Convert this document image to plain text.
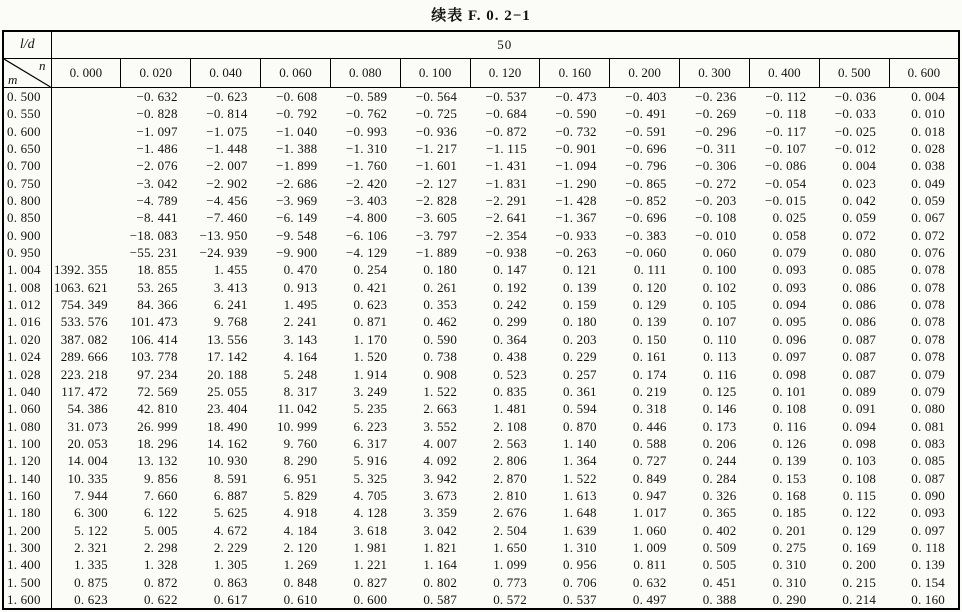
续表 F. 0. 2−1
l/d	50												

n
m	0. 000	0. 020	0. 040	0. 060	0. 080	0. 100	0. 120	0. 160	0. 200	0. 300	0. 400	0. 500	0. 600
0. 500		−0. 632	−0. 623	−0. 608	−0. 589	−0. 564	−0. 537	−0. 473	−0. 403	−0. 236	−0. 112	−0. 036	0. 004
0. 550		−0. 828	−0. 814	−0. 792	−0. 762	−0. 725	−0. 684	−0. 590	−0. 491	−0. 269	−0. 118	−0. 033	0. 010
0. 600		−1. 097	−1. 075	−1. 040	−0. 993	−0. 936	−0. 872	−0. 732	−0. 591	−0. 296	−0. 117	−0. 025	0. 018
0. 650		−1. 486	−1. 448	−1. 388	−1. 310	−1. 217	−1. 115	−0. 901	−0. 696	−0. 311	−0. 107	−0. 012	0. 028
0. 700		−2. 076	−2. 007	−1. 899	−1. 760	−1. 601	−1. 431	−1. 094	−0. 796	−0. 306	−0. 086	0. 004	0. 038
0. 750		−3. 042	−2. 902	−2. 686	−2. 420	−2. 127	−1. 831	−1. 290	−0. 865	−0. 272	−0. 054	0. 023	0. 049
0. 800		−4. 789	−4. 456	−3. 969	−3. 403	−2. 828	−2. 291	−1. 428	−0. 852	−0. 203	−0. 015	0. 042	0. 059
0. 850		−8. 441	−7. 460	−6. 149	−4. 800	−3. 605	−2. 641	−1. 367	−0. 696	−0. 108	0. 025	0. 059	0. 067
0. 900		−18. 083	−13. 950	−9. 548	−6. 106	−3. 797	−2. 354	−0. 933	−0. 383	−0. 010	0. 058	0. 072	0. 072
0. 950		−55. 231	−24. 939	−9. 900	−4. 129	−1. 889	−0. 938	−0. 263	−0. 060	0. 060	0. 079	0. 080	0. 076
1. 004	1392. 355	18. 855	1. 455	0. 470	0. 254	0. 180	0. 147	0. 121	0. 111	0. 100	0. 093	0. 085	0. 078
1. 008	1063. 621	53. 265	3. 413	0. 913	0. 421	0. 261	0. 192	0. 139	0. 120	0. 102	0. 093	0. 086	0. 078
1. 012	754. 349	84. 366	6. 241	1. 495	0. 623	0. 353	0. 242	0. 159	0. 129	0. 105	0. 094	0. 086	0. 078
1. 016	533. 576	101. 473	9. 768	2. 241	0. 871	0. 462	0. 299	0. 180	0. 139	0. 107	0. 095	0. 086	0. 078
1. 020	387. 082	106. 414	13. 556	3. 143	1. 170	0. 590	0. 364	0. 203	0. 150	0. 110	0. 096	0. 087	0. 078
1. 024	289. 666	103. 778	17. 142	4. 164	1. 520	0. 738	0. 438	0. 229	0. 161	0. 113	0. 097	0. 087	0. 078
1. 028	223. 218	97. 234	20. 188	5. 248	1. 914	0. 908	0. 523	0. 257	0. 174	0. 116	0. 098	0. 087	0. 079
1. 040	117. 472	72. 569	25. 055	8. 317	3. 249	1. 522	0. 835	0. 361	0. 219	0. 125	0. 101	0. 089	0. 079
1. 060	54. 386	42. 810	23. 404	11. 042	5. 235	2. 663	1. 481	0. 594	0. 318	0. 146	0. 108	0. 091	0. 080
1. 080	31. 073	26. 999	18. 490	10. 999	6. 223	3. 552	2. 108	0. 870	0. 446	0. 173	0. 116	0. 094	0. 081
1. 100	20. 053	18. 296	14. 162	9. 760	6. 317	4. 007	2. 563	1. 140	0. 588	0. 206	0. 126	0. 098	0. 083
1. 120	14. 004	13. 132	10. 930	8. 290	5. 916	4. 092	2. 806	1. 364	0. 727	0. 244	0. 139	0. 103	0. 085
1. 140	10. 335	9. 856	8. 591	6. 951	5. 325	3. 942	2. 870	1. 522	0. 849	0. 284	0. 153	0. 108	0. 087
1. 160	7. 944	7. 660	6. 887	5. 829	4. 705	3. 673	2. 810	1. 613	0. 947	0. 326	0. 168	0. 115	0. 090
1. 180	6. 300	6. 122	5. 625	4. 918	4. 128	3. 359	2. 676	1. 648	1. 017	0. 365	0. 185	0. 122	0. 093
1. 200	5. 122	5. 005	4. 672	4. 184	3. 618	3. 042	2. 504	1. 639	1. 060	0. 402	0. 201	0. 129	0. 097
1. 300	2. 321	2. 298	2. 229	2. 120	1. 981	1. 821	1. 650	1. 310	1. 009	0. 509	0. 275	0. 169	0. 118
1. 400	1. 335	1. 328	1. 305	1. 269	1. 221	1. 164	1. 099	0. 956	0. 811	0. 505	0. 310	0. 200	0. 139
1. 500	0. 875	0. 872	0. 863	0. 848	0. 827	0. 802	0. 773	0. 706	0. 632	0. 451	0. 310	0. 215	0. 154
1. 600	0. 623	0. 622	0. 617	0. 610	0. 600	0. 587	0. 572	0. 537	0. 497	0. 388	0. 290	0. 214	0. 160
